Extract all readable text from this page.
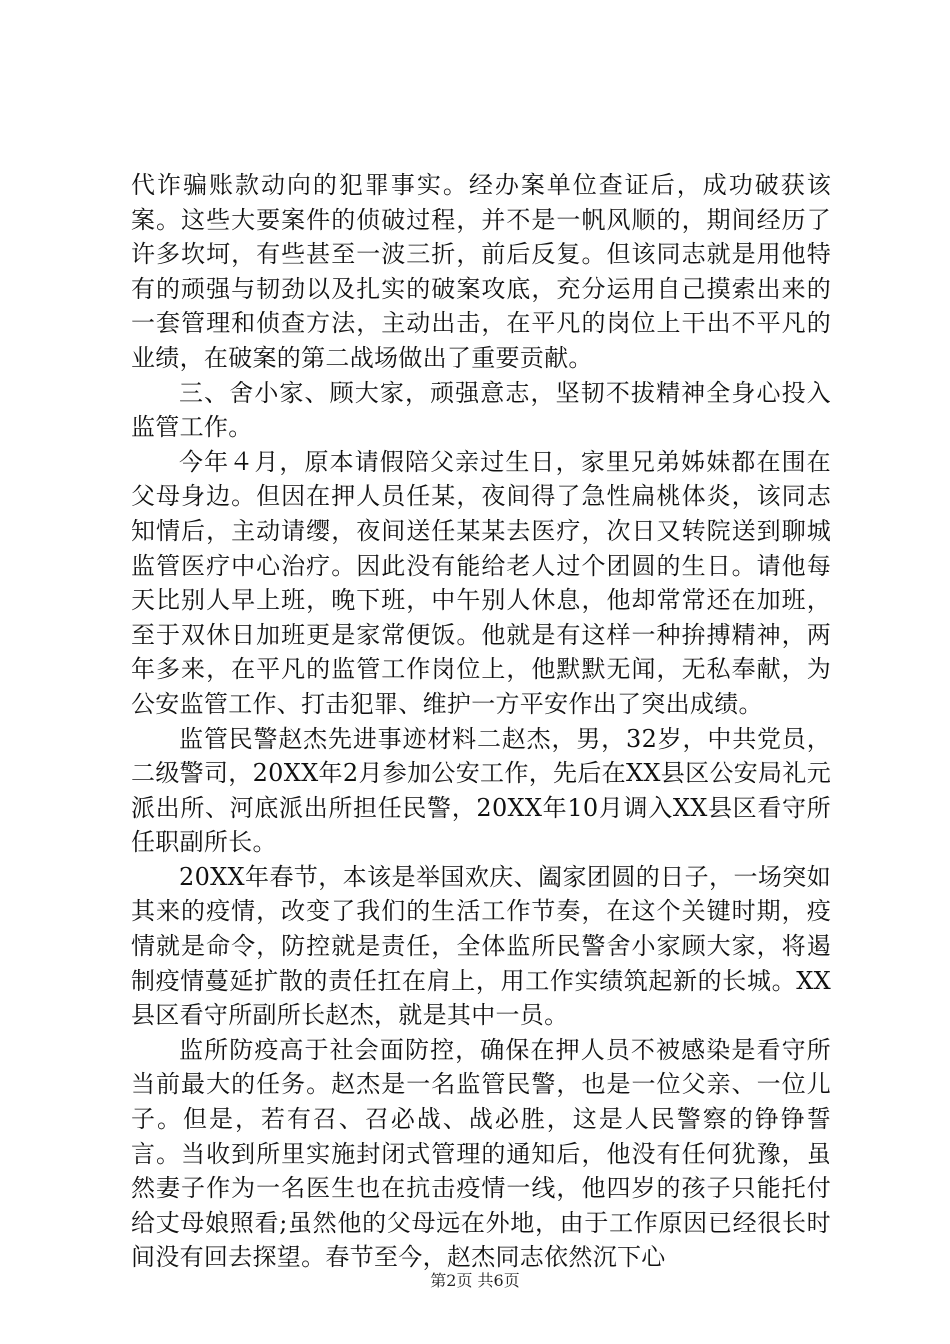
代诈骗账款动向的犯罪事实。经办案单位查证后，成功破获该案。这些大要案件的侦破过程，并不是一帆风顺的，期间经历了许多坎坷，有些甚至一波三折，前后反复。但该同志就是用他特有的顽强与韧劲以及扎实的破案攻底，充分运用自己摸索出来的一套管理和侦查方法，主动出击，在平凡的岗位上干出不平凡的业绩，在破案的第二战场做出了重要贡献。

三、舍小家、顾大家，顽强意志，坚韧不拔精神全身心投入监管工作。

今年４月，原本请假陪父亲过生日，家里兄弟姊妹都在围在父母身边。但因在押人员任某，夜间得了急性扁桃体炎，该同志知情后，主动请缨，夜间送任某某去医疗，次日又转院送到聊城监管医疗中心治疗。因此没有能给老人过个团圆的生日。请他每天比别人早上班，晚下班，中午别人休息，他却常常还在加班，至于双休日加班更是家常便饭。他就是有这样一种拚搏精神，两年多来，在平凡的监管工作岗位上，他默默无闻，无私奉献，为公安监管工作、打击犯罪、维护一方平安作出了突出成绩。

监管民警赵杰先进事迹材料二赵杰，男，32岁，中共党员，二级警司，20XX年2月参加公安工作，先后在XX县区公安局礼元派出所、河底派出所担任民警，20XX年10月调入XX县区看守所任职副所长。

20XX年春节，本该是举国欢庆、阖家团圆的日子，一场突如其来的疫情，改变了我们的生活工作节奏，在这个关键时期，疫情就是命令，防控就是责任，全体监所民警舍小家顾大家，将遏制疫情蔓延扩散的责任扛在肩上，用工作实绩筑起新的长城。XX县区看守所副所长赵杰，就是其中一员。

监所防疫高于社会面防控，确保在押人员不被感染是看守所当前最大的任务。赵杰是一名监管民警，也是一位父亲、一位儿子。但是，若有召、召必战、战必胜，这是人民警察的铮铮誓言。当收到所里实施封闭式管理的通知后，他没有任何犹豫，虽然妻子作为一名医生也在抗击疫情一线，他四岁的孩子只能托付给丈母娘照看;虽然他的父母远在外地，由于工作原因已经很长时间没有回去探望。春节至今，赵杰同志依然沉下心

第2页 共6页
